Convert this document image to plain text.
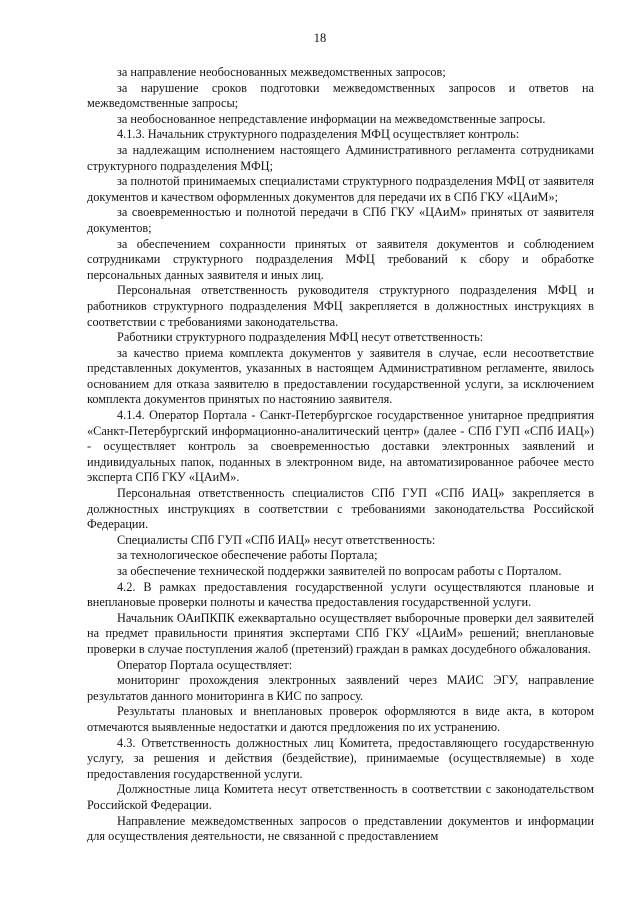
18

за направление необоснованных межведомственных запросов;

за нарушение сроков подготовки межведомственных запросов и ответов на межведомственные запросы;

за необоснованное непредставление информации на межведомственные запросы.

4.1.3. Начальник структурного подразделения МФЦ осуществляет контроль:

за надлежащим исполнением настоящего Административного регламента сотрудниками структурного подразделения МФЦ;

за полнотой принимаемых специалистами структурного подразделения МФЦ от заявителя документов и качеством оформленных документов для передачи их в СПб ГКУ «ЦАиМ»;

за своевременностью и полнотой передачи в СПб ГКУ «ЦАиМ» принятых от заявителя документов;

за обеспечением сохранности принятых от заявителя документов и соблюдением сотрудниками структурного подразделения МФЦ требований к сбору и обработке персональных данных заявителя и иных лиц.

Персональная ответственность руководителя структурного подразделения МФЦ и работников структурного подразделения МФЦ закрепляется в должностных инструкциях в соответствии с требованиями законодательства.

Работники структурного подразделения МФЦ несут ответственность:

за качество приема комплекта документов у заявителя в случае, если несоответствие представленных документов, указанных в настоящем Административном регламенте, явилось основанием для отказа заявителю в предоставлении государственной услуги, за исключением комплекта документов принятых по настоянию заявителя.

4.1.4. Оператор Портала - Санкт-Петербургское государственное унитарное предприятия «Санкт-Петербургский информационно-аналитический центр» (далее - СПб ГУП «СПб ИАЦ») - осуществляет контроль за своевременностью доставки электронных заявлений и индивидуальных папок, поданных в электронном виде, на автоматизированное рабочее место эксперта СПб ГКУ «ЦАиМ».

Персональная ответственность специалистов СПб ГУП «СПб ИАЦ» закрепляется в должностных инструкциях в соответствии с требованиями законодательства Российской Федерации.

Специалисты СПб ГУП «СПб ИАЦ» несут ответственность:

за технологическое обеспечение работы Портала;

за обеспечение технической поддержки заявителей по вопросам работы с Порталом.

4.2. В рамках предоставления государственной услуги осуществляются плановые и внеплановые проверки полноты и качества предоставления государственной услуги.

Начальник ОАиПКПК ежеквартально осуществляет выборочные проверки дел заявителей на предмет правильности принятия экспертами СПб ГКУ «ЦАиМ» решений; внеплановые проверки в случае поступления жалоб (претензий) граждан в рамках досудебного обжалования.

Оператор Портала осуществляет:

мониторинг прохождения электронных заявлений через МАИС ЭГУ, направление результатов данного мониторинга в КИС по запросу.

Результаты плановых и внеплановых проверок оформляются в виде акта, в котором отмечаются выявленные недостатки и даются предложения по их устранению.

4.3. Ответственность должностных лиц Комитета, предоставляющего государственную услугу, за решения и действия (бездействие), принимаемые (осуществляемые) в ходе предоставления государственной услуги.

Должностные лица Комитета несут ответственность в соответствии с законодательством Российской Федерации.

Направление межведомственных запросов о представлении документов и информации для осуществления деятельности, не связанной с предоставлением
